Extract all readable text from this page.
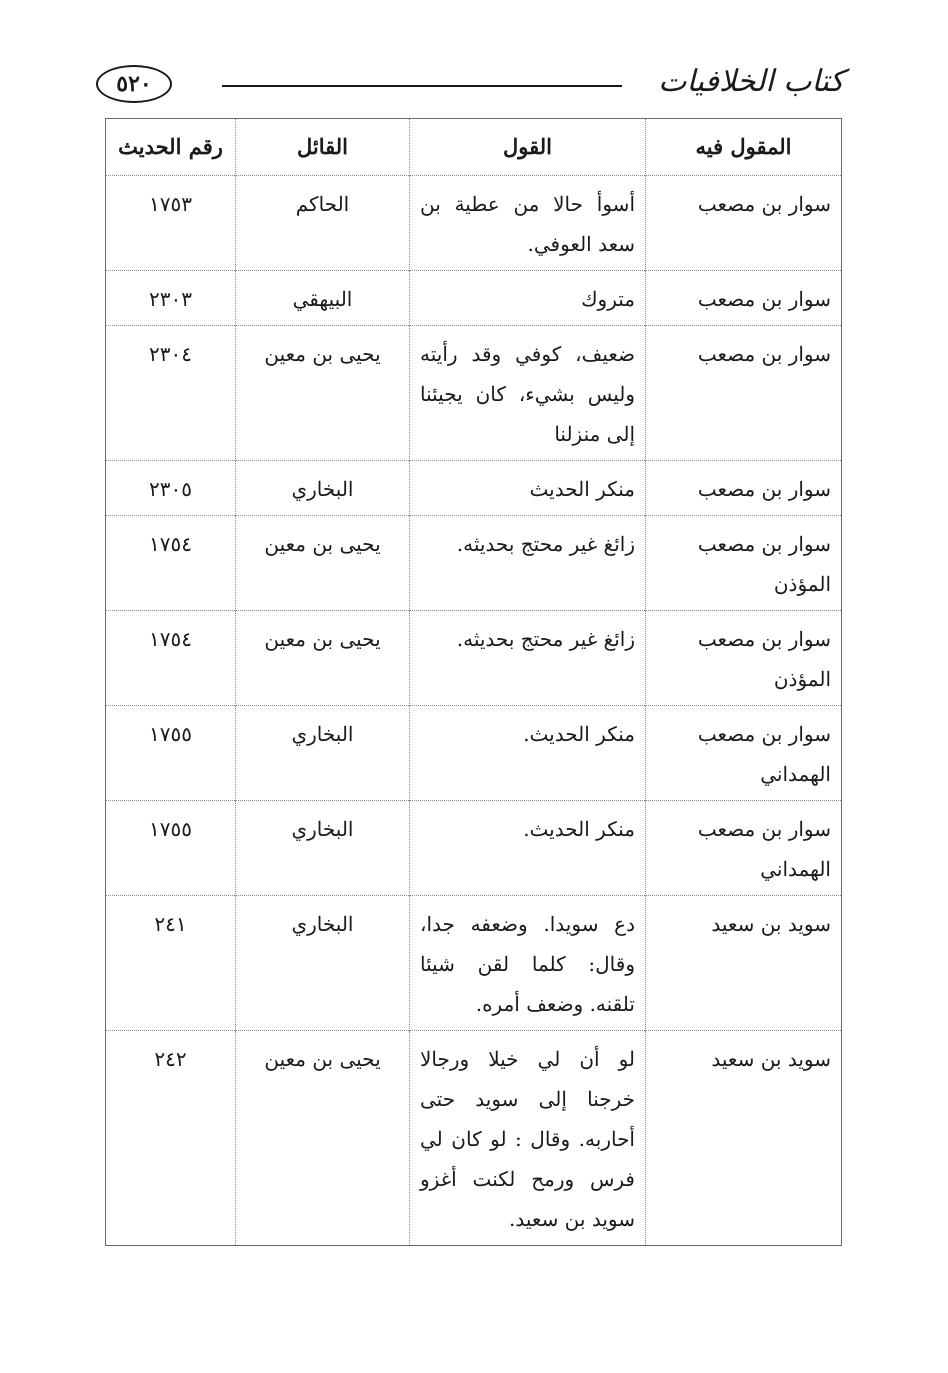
٥٢٠	كتاب الخلافيات
المقول فيه	القول	القائل	رقم الحديث
سوار بن مصعب	أسوأ حالا من عطية بن سعد العوفي.	الحاكم	١٧٥٣
سوار بن مصعب	متروك	البيهقي	٢٣٠٣
سوار بن مصعب	ضعيف، كوفي وقد رأيته وليس بشيء، كان يجيئنا إلى منزلنا	يحيى بن معين	٢٣٠٤
سوار بن مصعب	منكر الحديث	البخاري	٢٣٠٥
سوار بن مصعب المؤذن	زائغ غير محتج بحديثه.	يحيى بن معين	١٧٥٤
سوار بن مصعب المؤذن	زائغ غير محتج بحديثه.	يحيى بن معين	١٧٥٤
سوار بن مصعب الهمداني	منكر الحديث.	البخاري	١٧٥٥
سوار بن مصعب الهمداني	منكر الحديث.	البخاري	١٧٥٥
سويد بن سعيد	دع سويدا. وضعفه جدا، وقال: كلما لقن شيئا تلقنه. وضعف أمره.	البخاري	٢٤١
سويد بن سعيد	لو أن لي خيلا ورجالا خرجنا إلى سويد حتى أحاربه. وقال : لو كان لي فرس ورمح لكنت أغزو سويد بن سعيد.	يحيى بن معين	٢٤٢
